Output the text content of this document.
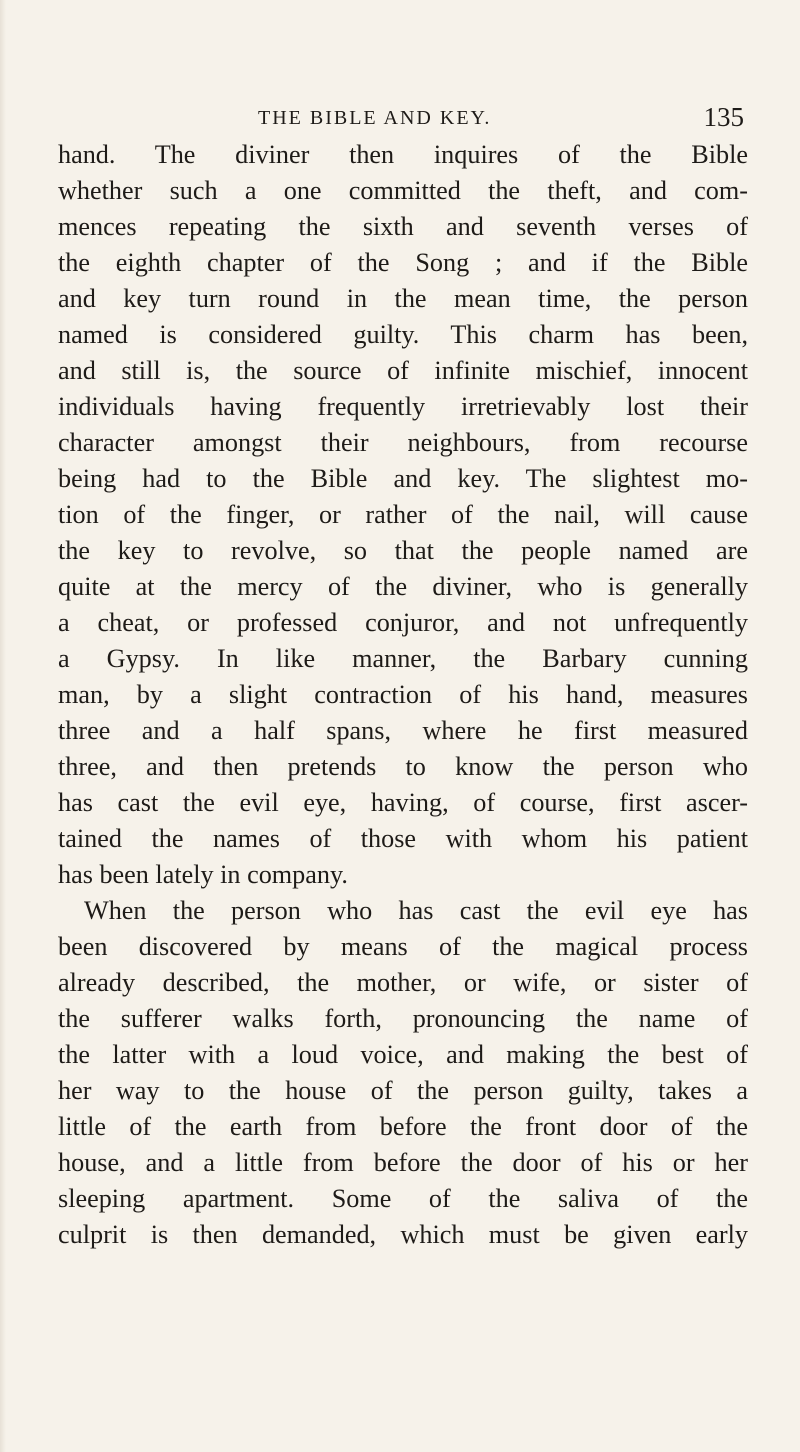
THE BIBLE AND KEY.	135
hand. The diviner then inquires of the Bible
whether such a one committed the theft, and com-
mences repeating the sixth and seventh verses of
the eighth chapter of the Song ; and if the Bible
and key turn round in the mean time, the person
named is considered guilty. This charm has been,
and still is, the source of infinite mischief, innocent
individuals having frequently irretrievably lost their
character amongst their neighbours, from recourse
being had to the Bible and key. The slightest mo-
tion of the finger, or rather of the nail, will cause
the key to revolve, so that the people named are
quite at the mercy of the diviner, who is generally
a cheat, or professed conjuror, and not unfrequently
a Gypsy. In like manner, the Barbary cunning
man, by a slight contraction of his hand, measures
three and a half spans, where he first measured
three, and then pretends to know the person who
has cast the evil eye, having, of course, first ascer-
tained the names of those with whom his patient
has been lately in company.
When the person who has cast the evil eye has
been discovered by means of the magical process
already described, the mother, or wife, or sister of
the sufferer walks forth, pronouncing the name of
the latter with a loud voice, and making the best of
her way to the house of the person guilty, takes a
little of the earth from before the front door of the
house, and a little from before the door of his or her
sleeping apartment. Some of the saliva of the
culprit is then demanded, which must be given early
